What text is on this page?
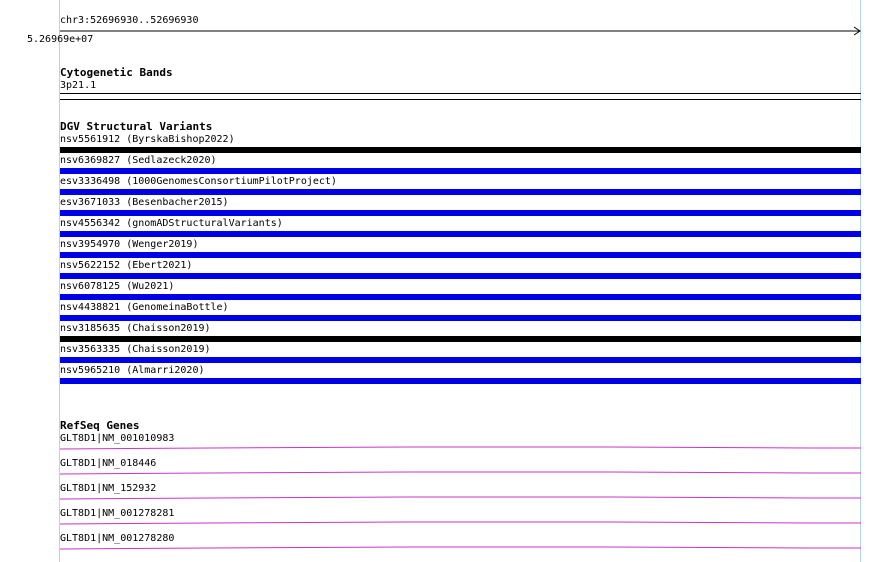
chr3:52696930..52696930
5.26969e+07
Cytogenetic Bands
3p21.1
DGV Structural Variants
nsv5561912 (ByrskaBishop2022)
nsv6369827 (Sedlazeck2020)
esv3336498 (1000GenomesConsortiumPilotProject)
esv3671033 (Besenbacher2015)
nsv4556342 (gnomADStructuralVariants)
nsv3954970 (Wenger2019)
nsv5622152 (Ebert2021)
nsv6078125 (Wu2021)
nsv4438821 (GenomeinaBottle)
nsv3185635 (Chaisson2019)
nsv3563335 (Chaisson2019)
nsv5965210 (Almarri2020)
RefSeq Genes
GLT8D1|NM_001010983
GLT8D1|NM_018446
GLT8D1|NM_152932
GLT8D1|NM_001278281
GLT8D1|NM_001278280
